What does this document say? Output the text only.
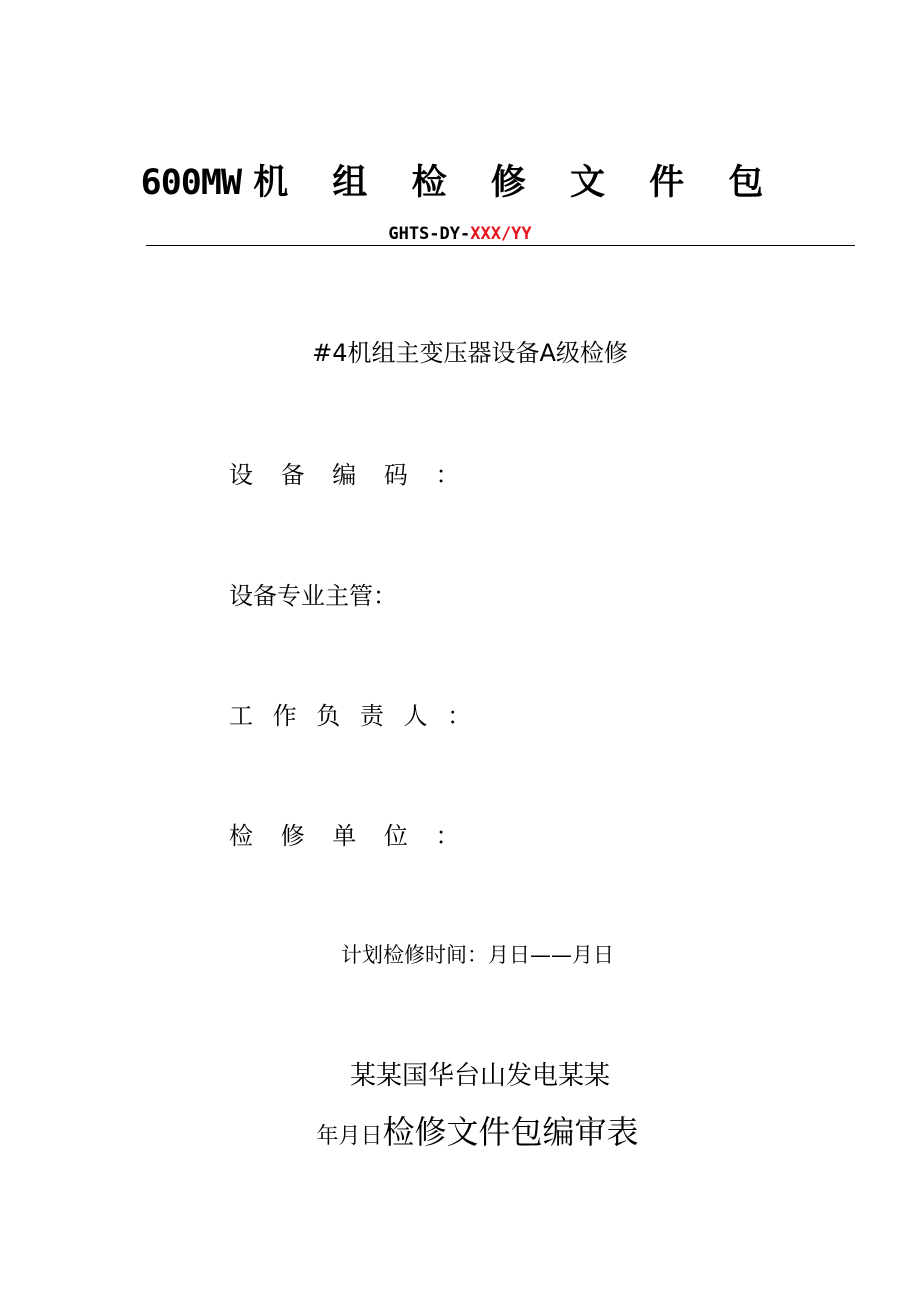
600MW 机 组 检 修 文 件 包
GHTS-DY-XXX/YY
#4机组主变压器设备A级检修
设 备 编 码 ：
设备专业主管：
工 作 负 责 人 ：
检 修 单 位 ：
计划检修时间：月日——月日
某某国华台山发电某某
年月日检修文件包编审表
